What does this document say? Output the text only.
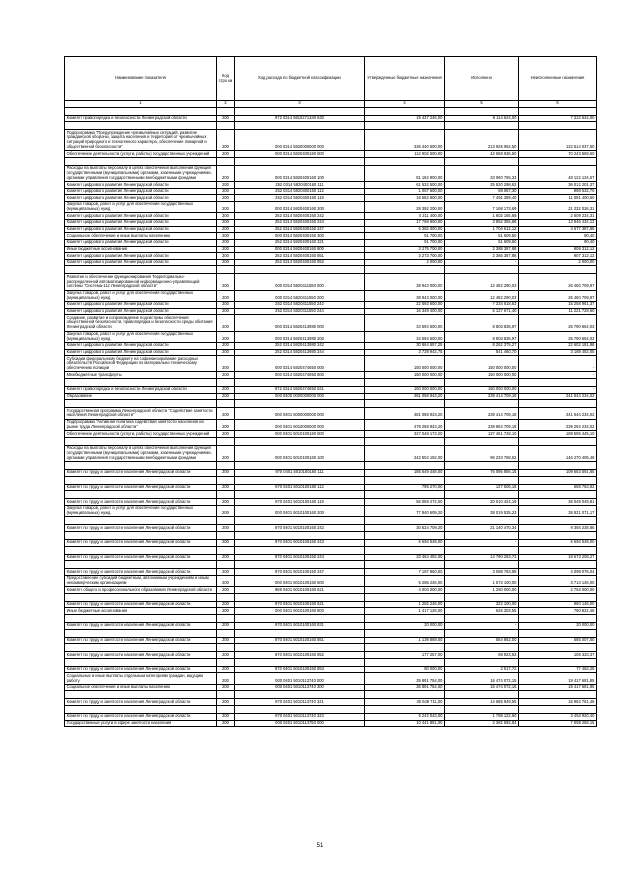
Наименование показателя	Код стро ки	Код расхода по бюджетной классификации	Утвержденные бюджетные назначения	Исполнено	Неисполненные назначения
1	2	3	4	5	6

Комитет правопорядка и безопасности Ленинградской области	200	972 0314 5810271340 530	15 437 246,00	8 114 624,00	7 322 624,00

Подпрограмма "Предупреждение чрезвычайных ситуаций, развитие гражданской обороны, защита населения и территорий от чрезвычайных ситуаций природного и техногенного характера, обеспечение пожарной и общественной безопасности"	200	000 0314 5820000000 000	336 440 600,00	213 925 062,50	122 514 037,50
Обеспечение деятельности (услуги, работы) государственных учреждений	200	000 0314 5820400160 000	112 902 500,00	42 658 936,50	70 243 569,50

Расходы на выплаты персоналу в целях обеспечения выполнения функций государственными (муниципальными) органами, казенными учреждениями, органами управления государственными внебюджетными фондами	200	000 0314 5820400160 100	81 182 900,00	33 060 765,33	48 122 134,67
Комитет цифрового развития Ленинградской области	200	252 0314 5820400160 111	61 532 500,00	25 520 298,63	36 012 201,37
Комитет цифрового развития Ленинградской области	200	252 0314 5820400160 112	1 067 600,00	69 067,30	998 532,70
Комитет цифрового развития Ленинградской области	200	252 0314 5820400160 119	18 582 800,00	7 491 399,40	11 091 400,60
Закупка товаров, работ и услуг для обеспечения государственных (муниципальных) нужд	200	000 0314 5820400160 200	28 392 200,00	7 168 173,69	21 232 026,31
Комитет цифрового развития Ленинградской области	200	252 0314 5820400160 242	4 211 400,00	1 602 165,69	2 609 234,31
Комитет цифрового развития Ленинградской области	200	252 0314 5820400160 244	17 798 800,00	3 852 365,88	13 946 434,12
Комитет цифрового развития Ленинградской области	200	252 0314 5820400160 247	6 382 000,00	1 704 612,12	4 677 387,88
Социальное обеспечение и иные выплаты населению	200	000 0314 5820400160 300	51 700,00	51 609,60	90,40
Комитет цифрового развития Ленинградской области	200	252 0314 5820400160 321	51 700,00	51 609,60	90,40
Иные бюджетные ассигнования	200	000 0314 5820400160 800	3 275 700,00	2 388 387,88	909 312,12
Комитет цифрового развития Ленинградской области	200	252 0314 5820400160 851	3 273 700,00	2 366 387,88	907 312,12
Комитет цифрового развития Ленинградской области	200	252 0314 5820400160 852	2 000,00	-	2 000,00

Развитие и обеспечение функционирования Территориально-распределенной автоматизированной информационно-управляющей системы "Система-112 Ленинградской области"	200	000 0314 5820411550 000	38 943 000,00	12 482 290,03	26 460 709,97
Закупка товаров, работ и услуг для обеспечения государственных (муниципальных) нужд	200	000 0314 5820411550 200	38 943 000,00	12 482 290,03	26 460 709,97
Комитет цифрового развития Ленинградской области	200	252 0314 5820411550 242	22 593 600,00	7 334 618,63	15 258 981,37
Комитет цифрового развития Ленинградской области	200	252 0314 5820411550 244	16 349 400,00	5 127 671,40	11 221 728,60
Создание, развитие и сопровождение подсистемы обеспечения общественной безопасности, правопорядка и безопасности среды обитания Ленинградской области	200	000 0314 5820413980 000	34 594 500,00	8 803 835,97	25 790 664,03
Закупка товаров, работ и услуг для обеспечения государственных (муниципальных) нужд	200	000 0314 5820413980 200	34 594 500,00	8 803 835,97	25 790 664,03
Комитет цифрового развития Ленинградской области	200	252 0314 5820413980 242	30 864 557,25	8 262 375,27	22 602 181,98
Комитет цифрового развития Ленинградской области	200	252 0314 5820413980 244	3 729 942,75	541 460,70	3 188 482,05
Субсидии федеральному бюджету на софинансирование расходных обязательств Российской Федерации по материально-техническому обеспечению полиции	200	000 0314 5820474650 000	150 000 000,00	150 000 000,00	-
Межбюджетные трансферты	200	000 0314 5820474650 500	150 000 000,00	150 000 000,00	-

Комитет правопорядка и безопасности Ленинградской области	200	972 0314 5820474650 521	150 000 000,00	150 000 000,00	-
Образование	200	000 0400 0000000000 000	481 058 943,20	239 414 709,18	241 644 234,02

Государственная программа Ленинградской области "Содействие занятости населения Ленинградской области"	200	000 0401 5000000000 000	481 058 943,20	239 414 709,18	241 644 234,02
Подпрограмма "Активная политика содействия занятости населения на рынке труда Ленинградской области"	200	000 0401 5010000000 000	478 258 943,20	238 964 709,18	239 294 234,02
Обеспечение деятельности (услуги, работы) государственных учреждений	200	000 0401 5010100160 000	327 048 173,20	137 451 728,10	189 596 445,10

Расходы на выплаты персоналу в целях обеспечения выполнения функций государственными (муниципальными) органами, казенными учреждениями, органами управления государственными внебюджетными фондами	200	000 0401 5010100160 100	242 504 192,00	96 233 768,52	146 270 405,48

Комитет по труду и занятости населения Ленинградской области	200	970 0401 5010100160 111	185 649 448,00	76 095 856,15	109 553 591,85

Комитет по труду и занятости населения Ленинградской области	200	970 0401 5010100160 112	795 270,00	127 506,18	668 763,82

Комитет по труду и занятости населения Ленинградской области	200	970 0401 5010100160 119	56 059 474,00	20 010 424,19	36 049 049,81
Закупка товаров, работ и услуг для обеспечения государственных (муниципальных) нужд	200	000 0401 5010100160 200	77 840 609,20	38 019 535,23	38 821 071,17

Комитет по труду и занятости населения Ленинградской области	200	970 0401 5010100160 242	30 524 709,20	21 140 470,34	9 384 238,86

Комитет по труду и занятости населения Ленинградской области	200	970 0401 5010100160 243	6 694 548,00	-	6 694 548,00

Комитет по труду и занятости населения Ленинградской области	200	970 0401 5010100160 244	33 463 492,00	14 790 283,73	18 673 208,27

Комитет по труду и занятости населения Ленинградской области	200	970 0401 5010100160 247	7 187 860,00	3 088 783,98	4 099 076,04
Предоставление субсидий бюджетным, автономным учреждениям и иным некоммерческим организациям	200	000 0401 5010100160 600	5 286 246,00	1 572 100,00	3 714 146,00
Комитет общего и профессионального образования Ленинградской области	200	988 0401 5010100160 621	4 004 000,00	1 250 000,00	2 754 000,00

Комитет по труду и занятости населения Ленинградской области	200	970 0401 5010100160 621	1 282 246,00	322 100,00	960 146,00
Иные бюджетные ассигнования	200	000 0401 5010100160 800	1 417 126,00	626 303,55	790 822,45

Комитет по труду и занятости населения Ленинградской области	200	970 0401 5010100160 831	20 000,00	-	20 000,00

Комитет по труду и занятости населения Ленинградской области	200	970 0401 5010100160 851	1 139 869,00	554 862,00	585 007,00

Комитет по труду и занятости населения Ленинградской области	200	970 0401 5010100160 852	177 257,00	69 923,63	108 333,37

Комитет по труду и занятости населения Ленинградской области	200	970 0401 5010100160 853	80 000,00	2 517,72	77 482,28
Социальные и иные выплаты отдельным категориям граждан, ищущим работу	200	000 0401 5010113740 000	35 891 754,00	16 474 072,15	19 417 681,85
Социальное обеспечение и иные выплаты населению	200	000 0401 5010113740 300	35 891 754,00	16 474 072,15	19 417 681,85

Комитет по труду и занятости населения Ленинградской области	200	970 0401 5010113740 321	30 649 711,00	14 685 949,55	15 963 761,45

Комитет по труду и занятости населения Ленинградской области	200	970 0401 5010113740 323	5 242 043,00	1 788 122,60	3 453 920,40
Государственные услуги в сфере занятости населения	200	000 0401 5010113750 000	10 441 851,00	2 382 592,84	7 059 258,16
51
